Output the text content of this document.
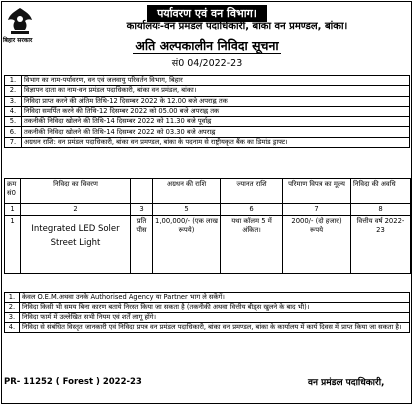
बिहार सरकार
पर्यावरण एवं वन विभाग।
कार्यालयः-वन प्रमंडल पदाधिकारी, बांका वन प्रमण्डल, बांका।
अति अल्पकालीन निविदा सूचना
सं0 04/2022-23
1.	विभाग का नाम-पर्यावरण, वन एवं जलवायु परिवर्तन विभाग, बिहार
2.	विज्ञापन दाता का नाम-वन प्रमंडल पदाधिकारी, बांका वन प्रमंडल, बांका।
3.	निविदा प्राप्त करने की अंतिम तिथि-12 दिसम्बर 2022 के 12.00 बजे अपराह्न तक
4.	निविदा समर्पित करने की तिथि-12 दिसम्बर 2022 को 05.00 बजे अपराह्न तक
5.	तकनीकी निविदा खोलने की तिथि-14 दिसम्बर 2022 को 11.30 बजे पूर्वाह्न
6.	तकनीकी निविदा खोलने की तिथि-14 दिसम्बर 2022 को 03.30 बजे अपराह्न
7.	अग्रधन राशि: वन प्रमंडल पदाधिकारी, बांका वन प्रमण्डल, बांका के पदनाम से राष्ट्रीयकृत बैंक का डिमांड ड्राफ्ट।
क्रम सं0	निविदा का विवरण		अग्रधन की राशि	ज्यानत राशि	परिमाण विपत्र का मूल्य	निविदा की अवधि
1	2	3	5	6	7	8
1	Integrated LED Soler Street Light	प्रति पीस	1,00,000/- (एक लाख रूपये)	यथा कॉलम 5 में अंकित।	2000/- (दो हजार) रूपये	वित्तीय वर्ष 2022-23
1.	केवल O.E.M.अथवा उनके Authorised Agency या Partner भाग ले सकेंगें।
2.	निविदा किसी भी समय बिना कारण बताये निरस्त किया जा सकता है (तकनीकी अथवा वित्तीय बीड्स खुलने के बाद भी)।
3.	निविदा फार्म में उल्लेखित सभी नियम एवं शर्तें लागू होंगे।
4.	निविदा से संबंधित विस्तृत जानकारी एवं निविदा प्रपत्र वन प्रमंडल पदाधिकारी, बांका वन प्रमण्डल, बांका के कार्यालय में कार्य दिवस में प्राप्त किया जा सकता है।
PR- 11252 ( Forest ) 2022-23	वन प्रमंडल पदाधिकारी,
